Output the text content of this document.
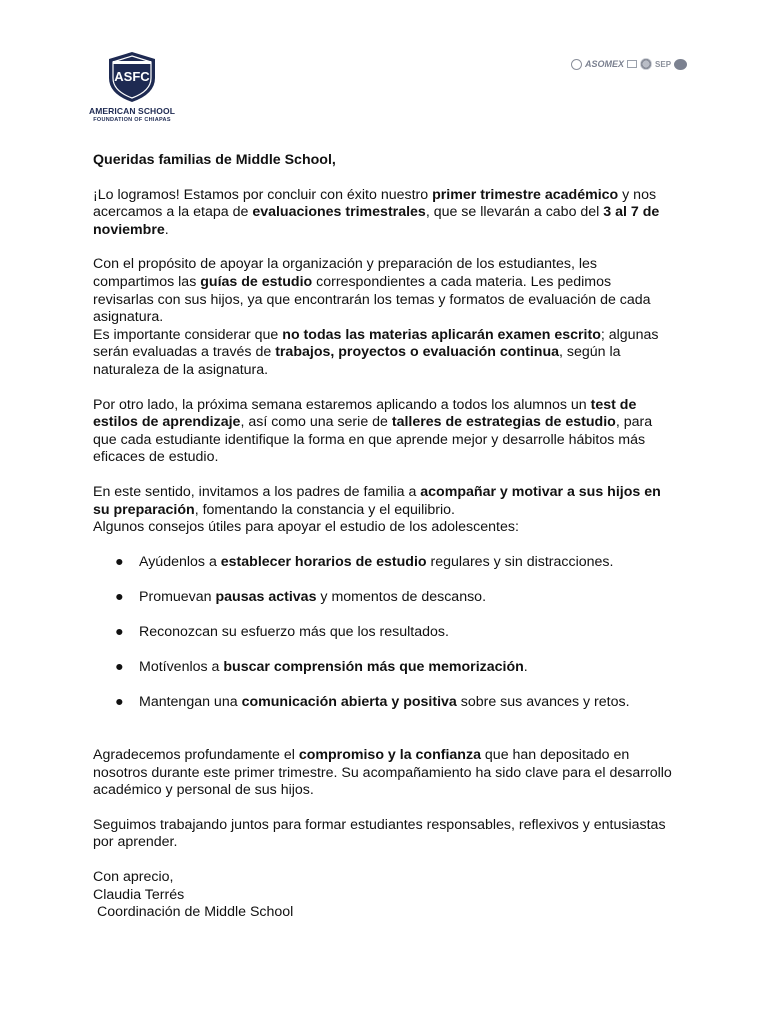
ASFC
AMERICAN SCHOOL
FOUNDATION OF CHIAPAS
ASOMEX	SEP

Queridas familias de Middle School,

¡Lo logramos! Estamos por concluir con éxito nuestro primer trimestre académico y nos acercamos a la etapa de evaluaciones trimestrales, que se llevarán a cabo del 3 al 7 de noviembre.

Con el propósito de apoyar la organización y preparación de los estudiantes, les compartimos las guías de estudio correspondientes a cada materia. Les pedimos revisarlas con sus hijos, ya que encontrarán los temas y formatos de evaluación de cada asignatura.
Es importante considerar que no todas las materias aplicarán examen escrito; algunas serán evaluadas a través de trabajos, proyectos o evaluación continua, según la naturaleza de la asignatura.

Por otro lado, la próxima semana estaremos aplicando a todos los alumnos un test de estilos de aprendizaje, así como una serie de talleres de estrategias de estudio, para que cada estudiante identifique la forma en que aprende mejor y desarrolle hábitos más eficaces de estudio.

En este sentido, invitamos a los padres de familia a acompañar y motivar a sus hijos en su preparación, fomentando la constancia y el equilibrio.
Algunos consejos útiles para apoyar el estudio de los adolescentes:

● Ayúdenlos a establecer horarios de estudio regulares y sin distracciones.
● Promuevan pausas activas y momentos de descanso.
● Reconozcan su esfuerzo más que los resultados.
● Motívenlos a buscar comprensión más que memorización.
● Mantengan una comunicación abierta y positiva sobre sus avances y retos.

Agradecemos profundamente el compromiso y la confianza que han depositado en nosotros durante este primer trimestre. Su acompañamiento ha sido clave para el desarrollo académico y personal de sus hijos.

Seguimos trabajando juntos para formar estudiantes responsables, reflexivos y entusiastas por aprender.

Con aprecio,

Claudia Terrés

Coordinación de Middle School
